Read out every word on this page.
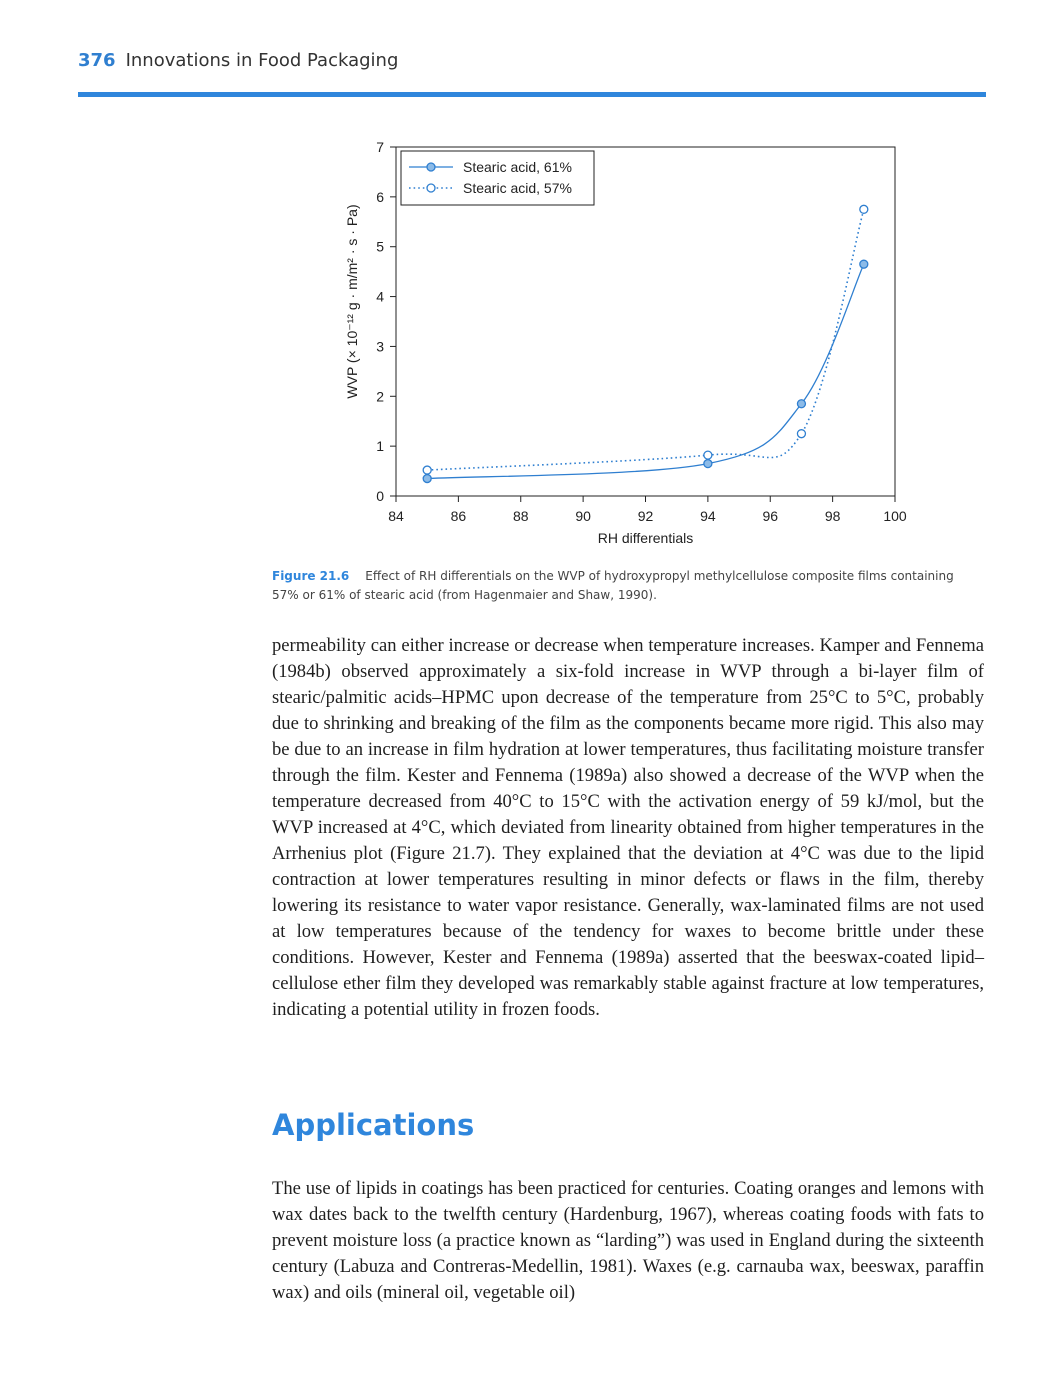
376 Innovations in Food Packaging
84	86	88	90	92	94	96	98	100
0
1
2
3
4
5
6
7
RH differentials
WVP (× 10⁻¹² g · m/m² · s · Pa)
Stearic acid, 61%
Stearic acid, 57%
Figure 21.6 Effect of RH differentials on the WVP of hydroxypropyl methylcellulose composite films containing 57% or 61% of stearic acid (from Hagenmaier and Shaw, 1990).

permeability can either increase or decrease when temperature increases. Kamper and Fennema (1984b) observed approximately a six-fold increase in WVP through a bi-layer film of stearic/palmitic acids–HPMC upon decrease of the temperature from 25°C to 5°C, probably due to shrinking and breaking of the film as the components became more rigid. This also may be due to an increase in film hydration at lower temperatures, thus facilitating moisture transfer through the film. Kester and Fennema (1989a) also showed a decrease of the WVP when the temperature decreased from 40°C to 15°C with the activation energy of 59 kJ/mol, but the WVP increased at 4°C, which deviated from linearity obtained from higher temperatures in the Arrhenius plot (Figure 21.7). They explained that the deviation at 4°C was due to the lipid contraction at lower temperatures resulting in minor defects or flaws in the film, thereby lowering its resistance to water vapor resistance. Generally, wax-laminated films are not used at low temperatures because of the tendency for waxes to become brittle under these conditions. However, Kester and Fennema (1989a) asserted that the beeswax-coated lipid–cellulose ether film they developed was remarkably stable against fracture at low temperatures, indicating a potential utility in frozen foods.

Applications

The use of lipids in coatings has been practiced for centuries. Coating oranges and lemons with wax dates back to the twelfth century (Hardenburg, 1967), whereas coating foods with fats to prevent moisture loss (a practice known as “larding”) was used in England during the sixteenth century (Labuza and Contreras-Medellin, 1981). Waxes (e.g. carnauba wax, beeswax, paraffin wax) and oils (mineral oil, vegetable oil)
